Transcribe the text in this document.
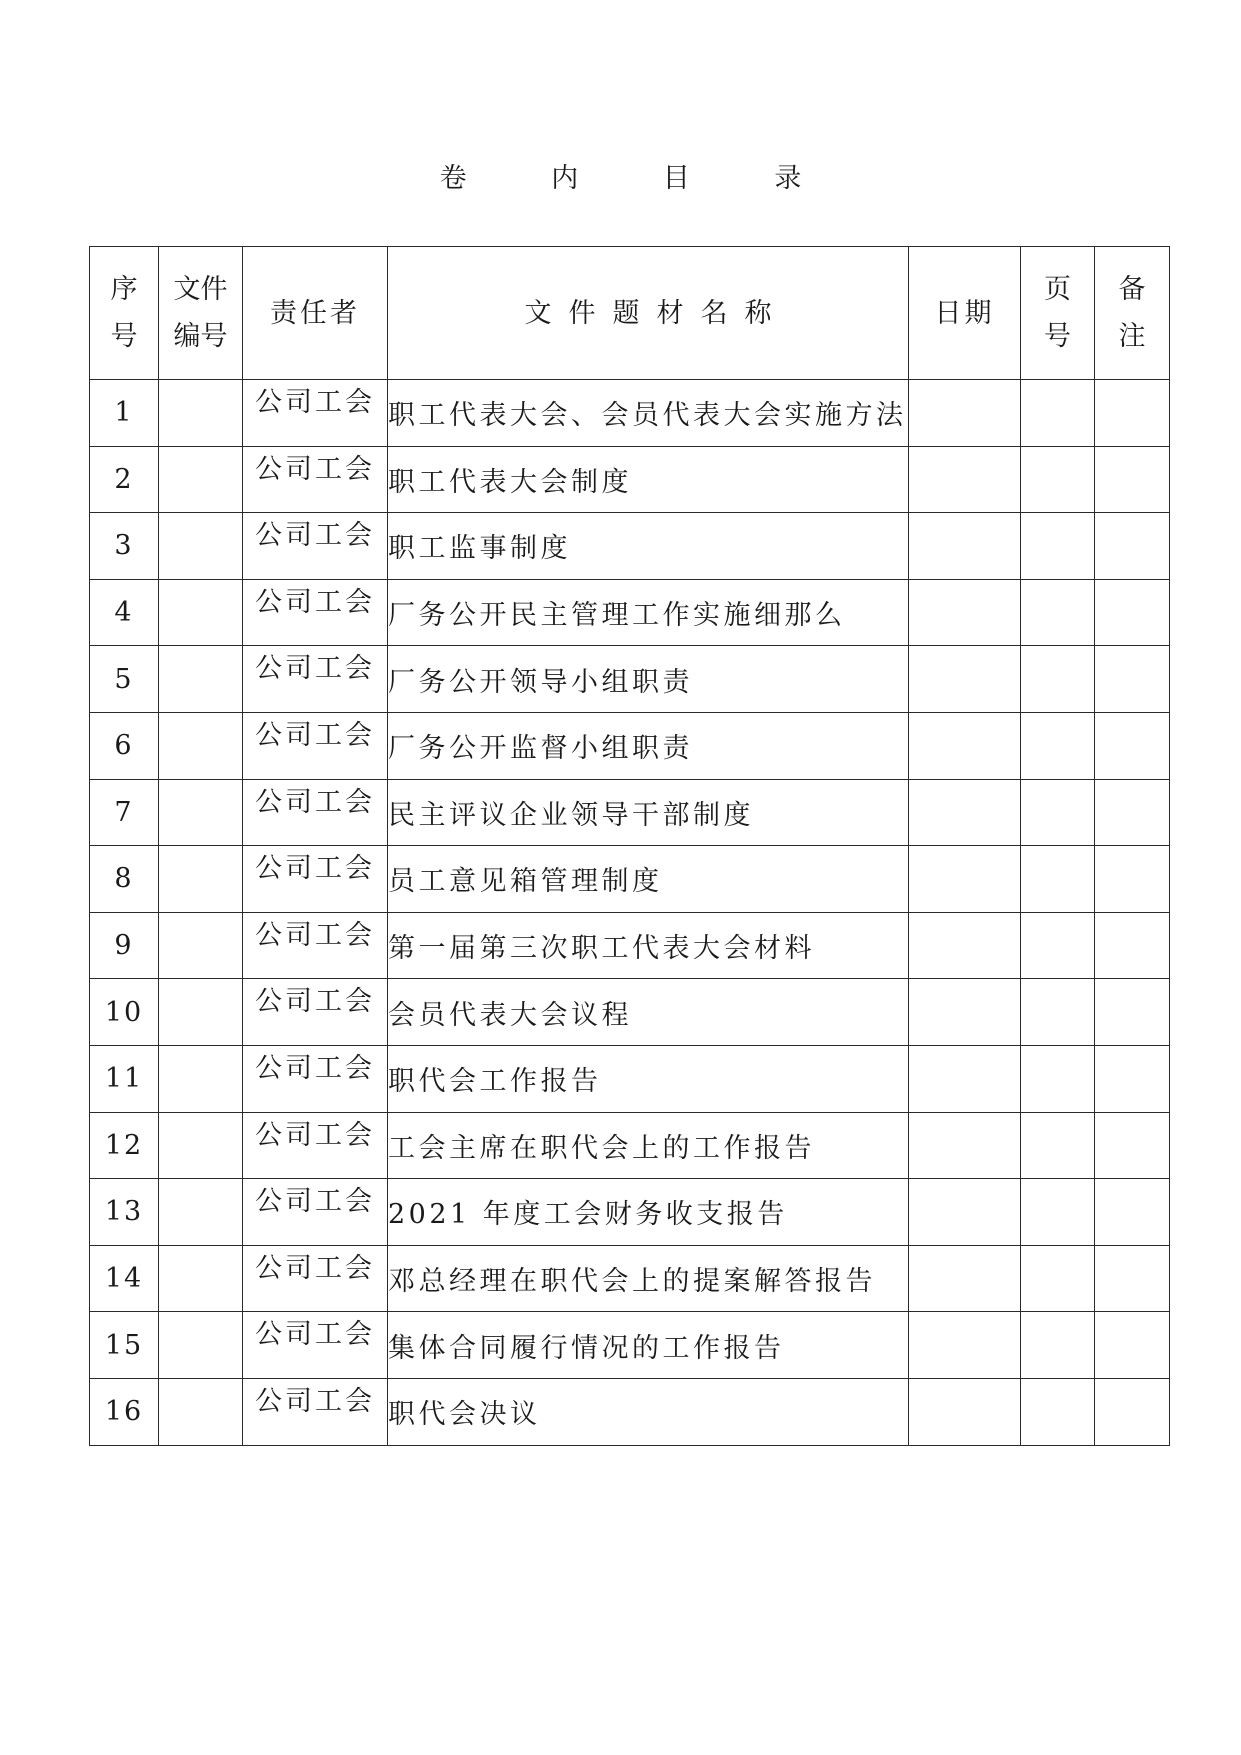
卷 内 目 录
序号	文件编号	责任者	文件题材名称	日期	页号	备注
1		公司工会	职工代表大会、会员代表大会实施方法			
2		公司工会	职工代表大会制度			
3		公司工会	职工监事制度			
4		公司工会	厂务公开民主管理工作实施细那么			
5		公司工会	厂务公开领导小组职责			
6		公司工会	厂务公开监督小组职责			
7		公司工会	民主评议企业领导干部制度			
8		公司工会	员工意见箱管理制度			
9		公司工会	第一届第三次职工代表大会材料			
10		公司工会	会员代表大会议程			
11		公司工会	职代会工作报告			
12		公司工会	工会主席在职代会上的工作报告			
13		公司工会	2021 年度工会财务收支报告			
14		公司工会	邓总经理在职代会上的提案解答报告			
15		公司工会	集体合同履行情况的工作报告			
16		公司工会	职代会决议			
